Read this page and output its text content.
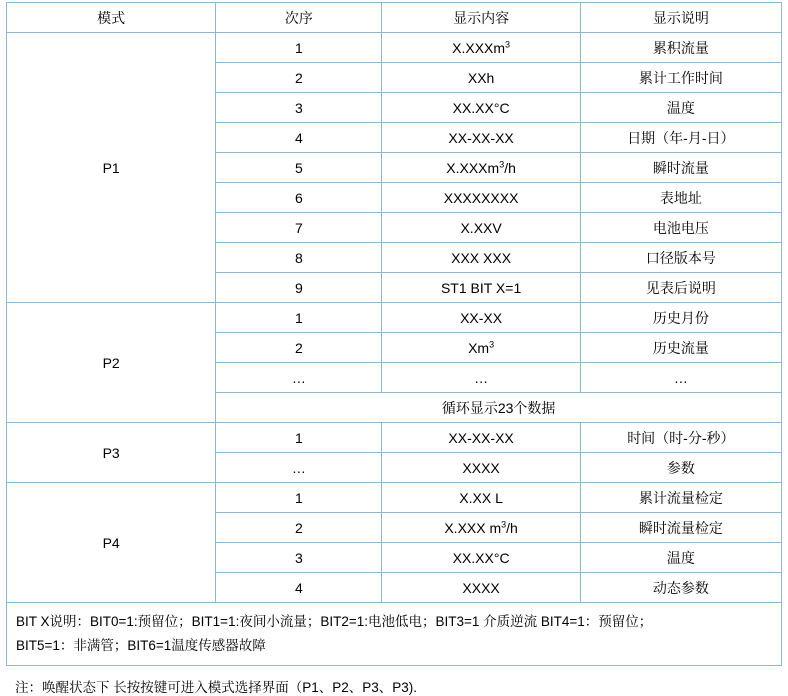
模式	次序	显示内容	显示说明
P1	1	X.XXXm$^3$	累积流量
	2	XXh	累计工作时间
	3	XX.XX°C	温度
	4	XX-XX-XX	日期（年-月-日）
	5	X.XXXm$^3$/h	瞬时流量
	6	XXXXXXXX	表地址
	7	X.XXV	电池电压
	8	XXX XXX	口径版本号
	9	ST1 BIT X=1	见表后说明
P2	1	XX-XX	历史月份
	2	Xm$^3$	历史流量
	…	…	…
	循环显示23个数据		
P3	1	XX-XX-XX	时间（时-分-秒）
	…	XXXX	参数
P4	1	X.XX L	累计流量检定
	2	X.XXX $m^3/h$	瞬时流量检定
	3	XX.XX°C	温度
	4	XXXX	动态参数
BIT X说明：BIT0=1:预留位；BIT1=1:夜间小流量；BIT2=1:电池低电；BIT3=1 介质逆流 BIT4=1：预留位；
BIT5=1：非满管；BIT6=1温度传感器故障
注：唤醒状态下 长按按键可进入模式选择界面（P1、P2、P3、P3).
